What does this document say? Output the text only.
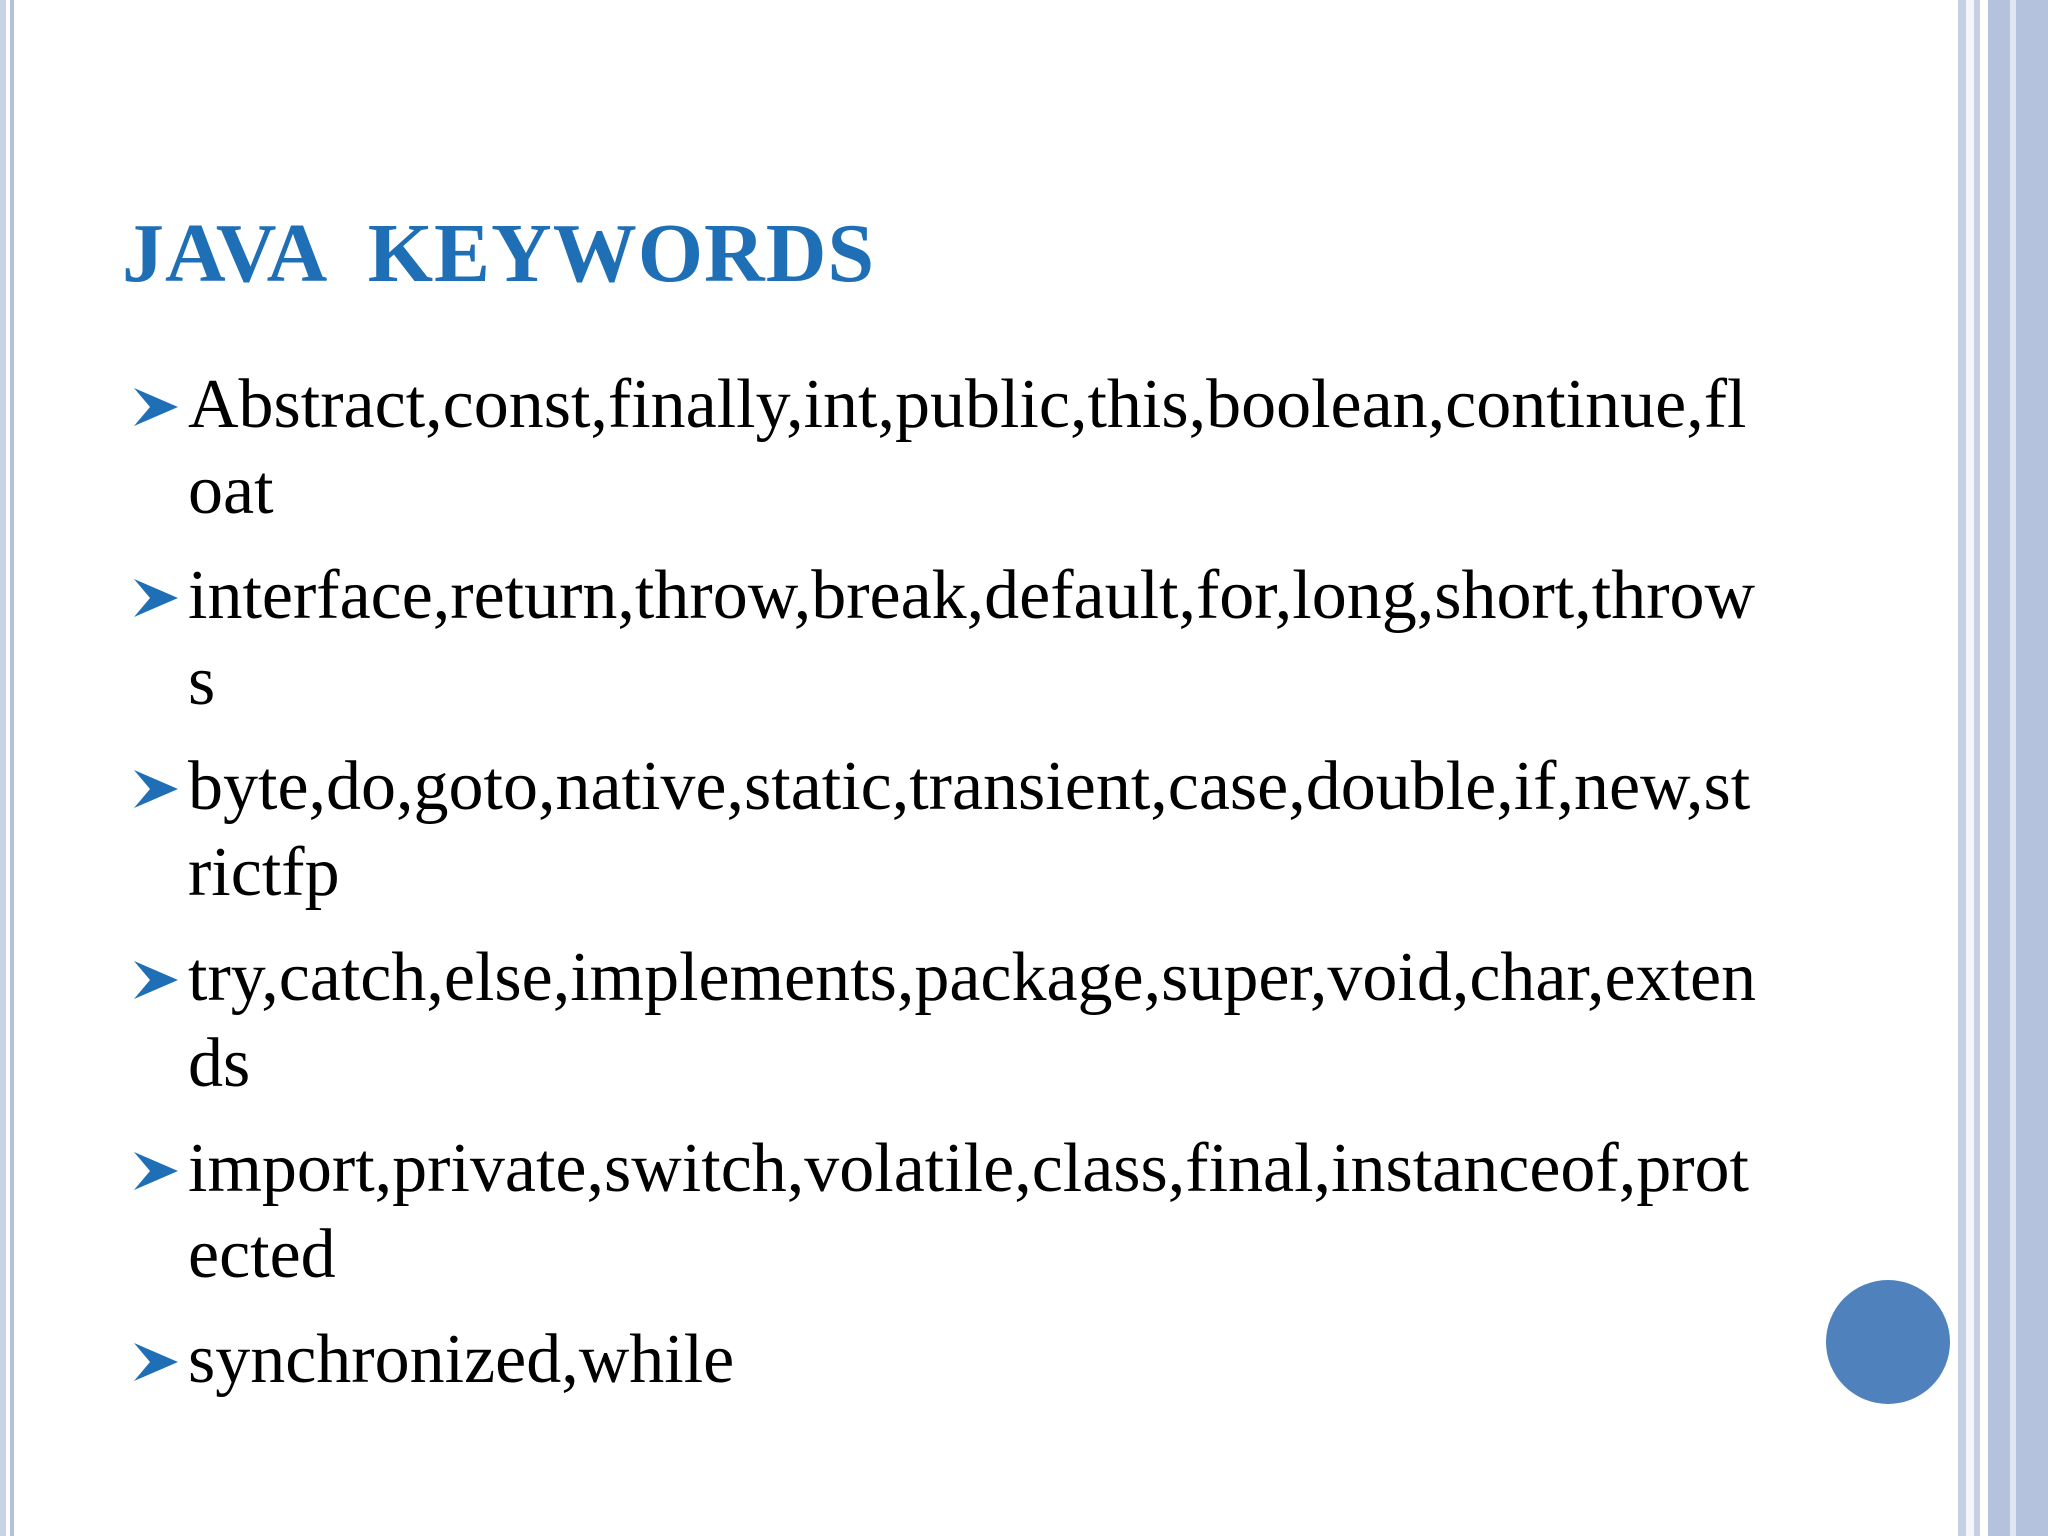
JAVA  KEYWORDS
Abstract,const,finally,int,public,this,boolean,continue,float
interface,return,throw,break,default,for,long,short,throws
byte,do,goto,native,static,transient,case,double,if,new,strictfp
try,catch,else,implements,package,super,void,char,extends
import,private,switch,volatile,class,final,instanceof,protected
synchronized,while
